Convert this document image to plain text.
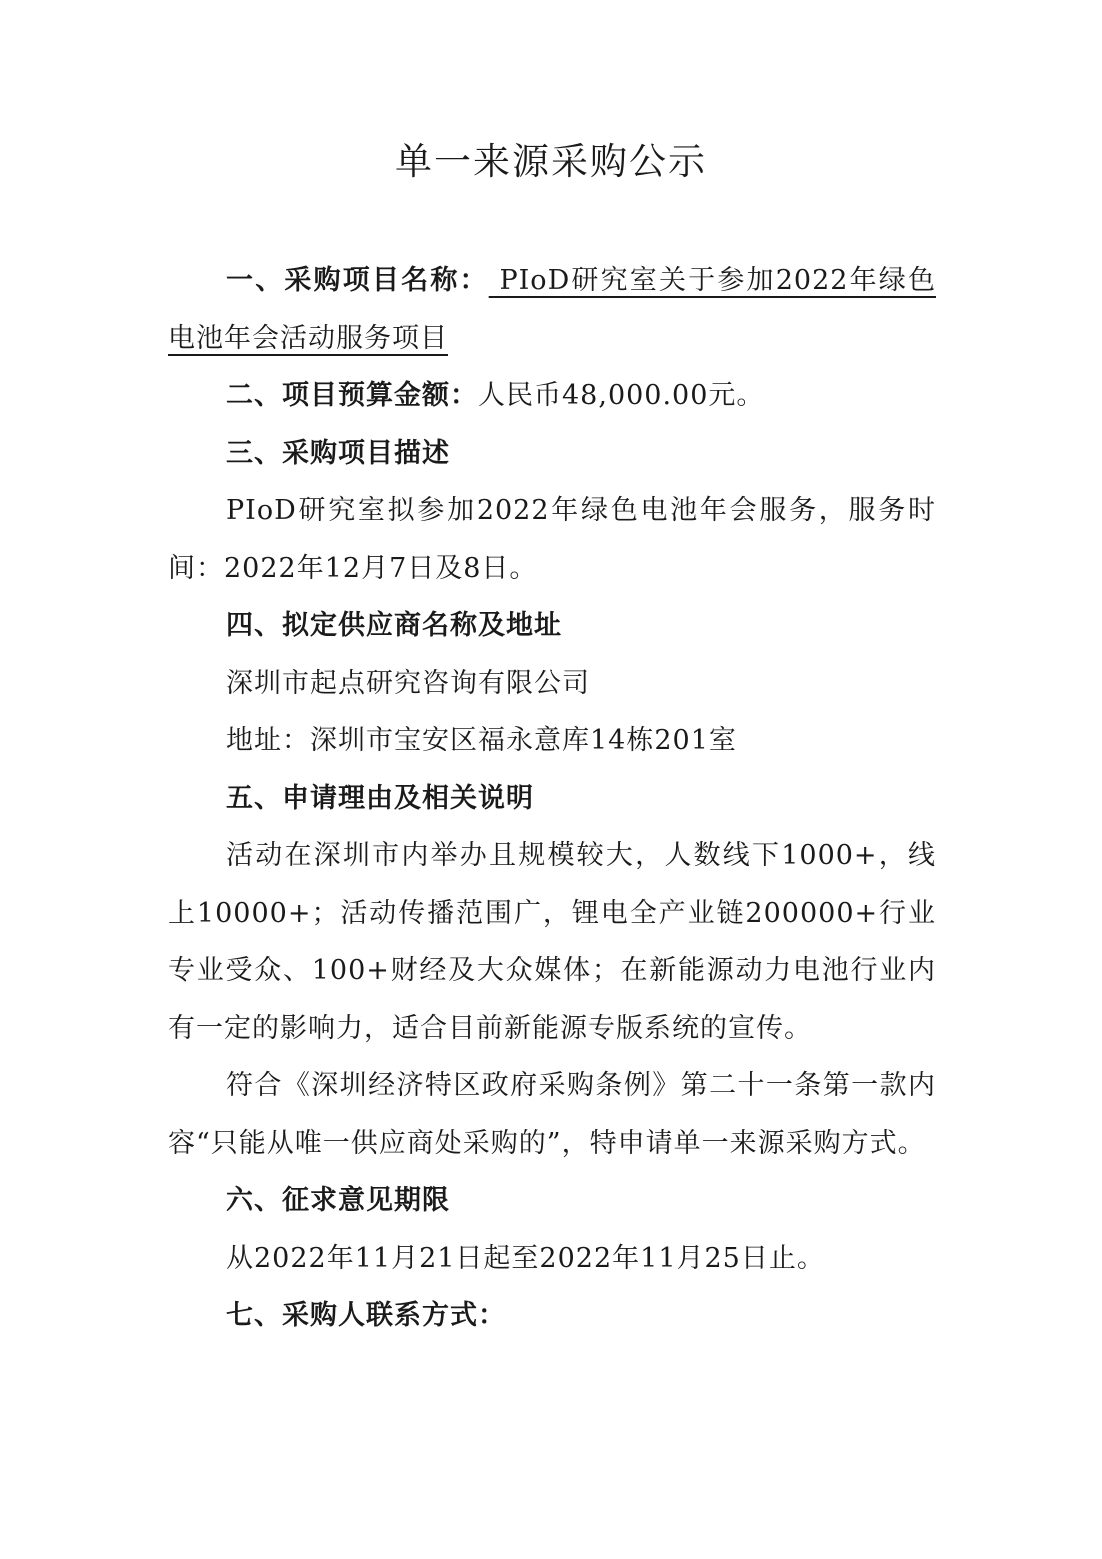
单一来源采购公示

一、采购项目名称： PIoD研究室关于参加2022年绿色电池年会活动服务项目

二、项目预算金额：人民币48,000.00元。

三、采购项目描述

PIoD研究室拟参加2022年绿色电池年会服务，服务时间：2022年12月7日及8日。

四、拟定供应商名称及地址

深圳市起点研究咨询有限公司

地址：深圳市宝安区福永意库14栋201室

五、申请理由及相关说明

活动在深圳市内举办且规模较大，人数线下1000+，线上10000+；活动传播范围广，锂电全产业链200000+行业专业受众、100+财经及大众媒体；在新能源动力电池行业内有一定的影响力，适合目前新能源专版系统的宣传。

符合《深圳经济特区政府采购条例》第二十一条第一款内容“只能从唯一供应商处采购的”，特申请单一来源采购方式。

六、征求意见期限

从2022年11月21日起至2022年11月25日止。

七、采购人联系方式：
